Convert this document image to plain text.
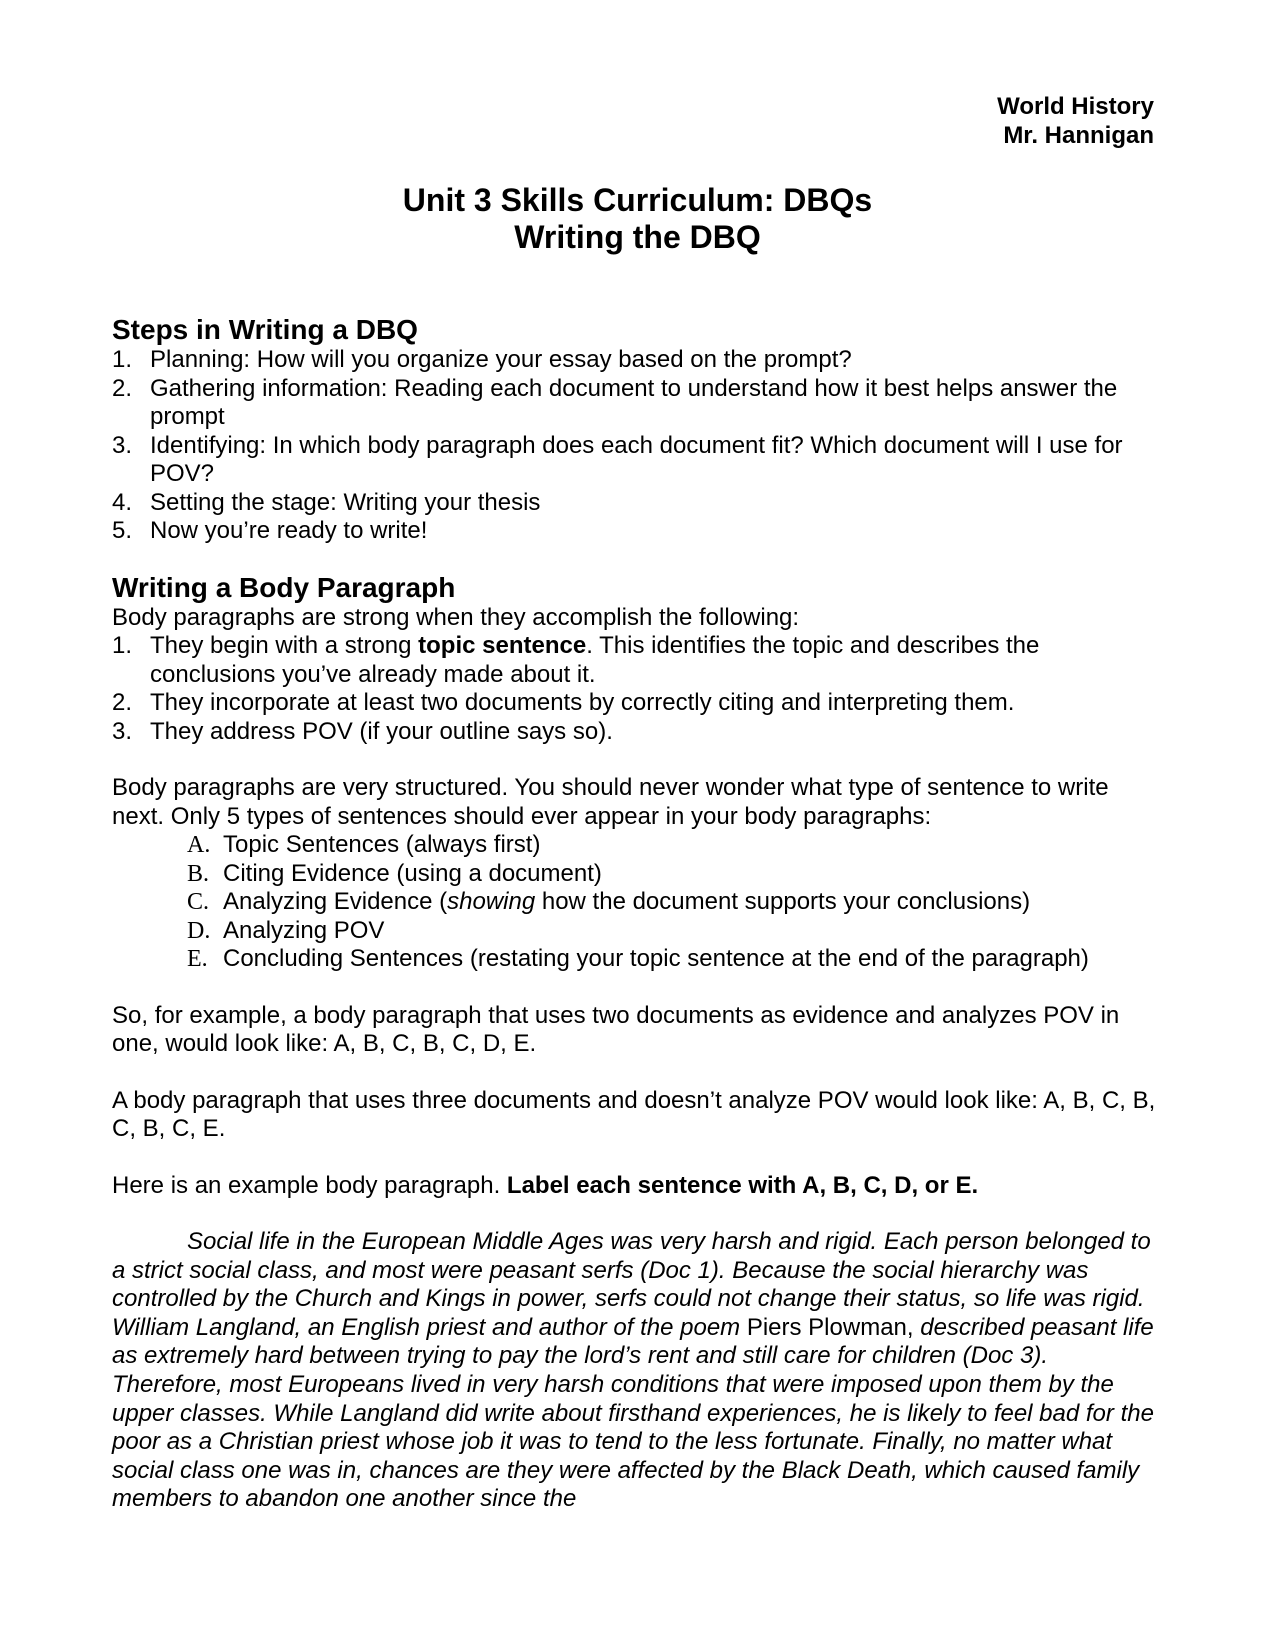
World History
Mr. Hannigan
Unit 3 Skills Curriculum: DBQs
Writing the DBQ
Steps in Writing a DBQ
1. Planning: How will you organize your essay based on the prompt?
2. Gathering information: Reading each document to understand how it best helps answer the prompt
3. Identifying: In which body paragraph does each document fit? Which document will I use for POV?
4. Setting the stage: Writing your thesis
5. Now you’re ready to write!
Writing a Body Paragraph

Body paragraphs are strong when they accomplish the following:

1. They begin with a strong topic sentence. This identifies the topic and describes the conclusions you’ve already made about it.
2. They incorporate at least two documents by correctly citing and interpreting them.
3. They address POV (if your outline says so).

Body paragraphs are very structured. You should never wonder what type of sentence to write next. Only 5 types of sentences should ever appear in your body paragraphs:

A. Topic Sentences (always first)
B. Citing Evidence (using a document)
C. Analyzing Evidence (showing how the document supports your conclusions)
D. Analyzing POV
E. Concluding Sentences (restating your topic sentence at the end of the paragraph)

So, for example, a body paragraph that uses two documents as evidence and analyzes POV in one, would look like: A, B, C, B, C, D, E.

A body paragraph that uses three documents and doesn’t analyze POV would look like: A, B, C, B, C, B, C, E.

Here is an example body paragraph. Label each sentence with A, B, C, D, or E.

Social life in the European Middle Ages was very harsh and rigid. Each person belonged to a strict social class, and most were peasant serfs (Doc 1). Because the social hierarchy was controlled by the Church and Kings in power, serfs could not change their status, so life was rigid. William Langland, an English priest and author of the poem Piers Plowman, described peasant life as extremely hard between trying to pay the lord’s rent and still care for children (Doc 3). Therefore, most Europeans lived in very harsh conditions that were imposed upon them by the upper classes. While Langland did write about firsthand experiences, he is likely to feel bad for the poor as a Christian priest whose job it was to tend to the less fortunate. Finally, no matter what social class one was in, chances are they were affected by the Black Death, which caused family members to abandon one another since the
